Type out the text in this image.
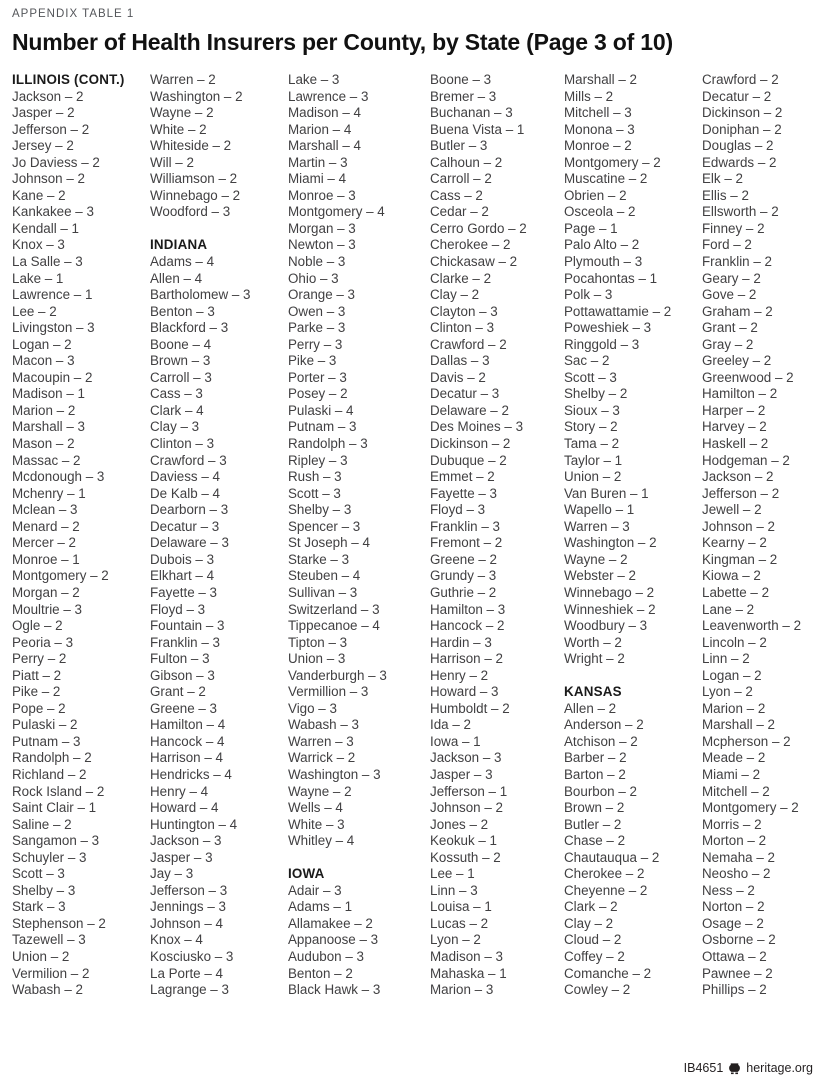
APPENDIX TABLE 1
Number of Health Insurers per County, by State (Page 3 of 10)
ILLINOIS (CONT.)
Jackson – 2
Jasper – 2
Jefferson – 2
Jersey – 2
Jo Daviess – 2
Johnson – 2
Kane – 2
Kankakee – 3
Kendall – 1
Knox – 3
La Salle – 3
Lake – 1
Lawrence – 1
Lee – 2
Livingston – 3
Logan – 2
Macon – 3
Macoupin – 2
Madison – 1
Marion – 2
Marshall – 3
Mason – 2
Massac – 2
Mcdonough – 3
Mchenry – 1
Mclean – 3
Menard – 2
Mercer – 2
Monroe – 1
Montgomery – 2
Morgan – 2
Moultrie – 3
Ogle – 2
Peoria – 3
Perry – 2
Piatt – 2
Pike – 2
Pope – 2
Pulaski – 2
Putnam – 3
Randolph – 2
Richland – 2
Rock Island – 2
Saint Clair – 1
Saline – 2
Sangamon – 3
Schuyler – 3
Scott – 3
Shelby – 3
Stark – 3
Stephenson – 2
Tazewell – 3
Union – 2
Vermilion – 2
Wabash – 2
Warren – 2
Washington – 2
Wayne – 2
White – 2
Whiteside – 2
Will – 2
Williamson – 2
Winnebago – 2
Woodford – 3
INDIANA
Adams – 4
Allen – 4
Bartholomew – 3
Benton – 3
Blackford – 3
Boone – 4
Brown – 3
Carroll – 3
Cass – 3
Clark – 4
Clay – 3
Clinton – 3
Crawford – 3
Daviess – 4
De Kalb – 4
Dearborn – 3
Decatur – 3
Delaware – 3
Dubois – 3
Elkhart – 4
Fayette – 3
Floyd – 3
Fountain – 3
Franklin – 3
Fulton – 3
Gibson – 3
Grant – 2
Greene – 3
Hamilton – 4
Hancock – 4
Harrison – 4
Hendricks – 4
Henry – 4
Howard – 4
Huntington – 4
Jackson – 3
Jasper – 3
Jay – 3
Jefferson – 3
Jennings – 3
Johnson – 4
Knox – 4
Kosciusko – 3
La Porte – 4
Lagrange – 3
Lake – 3
Lawrence – 3
Madison – 4
Marion – 4
Marshall – 4
Martin – 3
Miami – 4
Monroe – 3
Montgomery – 4
Morgan – 3
Newton – 3
Noble – 3
Ohio – 3
Orange – 3
Owen – 3
Parke – 3
Perry – 3
Pike – 3
Porter – 3
Posey – 2
Pulaski – 4
Putnam – 3
Randolph – 3
Ripley – 3
Rush – 3
Scott – 3
Shelby – 3
Spencer – 3
St Joseph – 4
Starke – 3
Steuben – 4
Sullivan – 3
Switzerland – 3
Tippecanoe – 4
Tipton – 3
Union – 3
Vanderburgh – 3
Vermillion – 3
Vigo – 3
Wabash – 3
Warren – 3
Warrick – 2
Washington – 3
Wayne – 2
Wells – 4
White – 3
Whitley – 4
IOWA
Adair – 3
Adams – 1
Allamakee – 2
Appanoose – 3
Audubon – 3
Benton – 2
Black Hawk – 3
Boone – 3
Bremer – 3
Buchanan – 3
Buena Vista – 1
Butler – 3
Calhoun – 2
Carroll – 2
Cass – 2
Cedar – 2
Cerro Gordo – 2
Cherokee – 2
Chickasaw – 2
Clarke – 2
Clay – 2
Clayton – 3
Clinton – 3
Crawford – 2
Dallas – 3
Davis – 2
Decatur – 3
Delaware – 2
Des Moines – 3
Dickinson – 2
Dubuque – 2
Emmet – 2
Fayette – 3
Floyd – 3
Franklin – 3
Fremont – 2
Greene – 2
Grundy – 3
Guthrie – 2
Hamilton – 3
Hancock – 2
Hardin – 3
Harrison – 2
Henry – 2
Howard – 3
Humboldt – 2
Ida – 2
Iowa – 1
Jackson – 3
Jasper – 3
Jefferson – 1
Johnson – 2
Jones – 2
Keokuk – 1
Kossuth – 2
Lee – 1
Linn – 3
Louisa – 1
Lucas – 2
Lyon – 2
Madison – 3
Mahaska – 1
Marion – 3
Marshall – 2
Mills – 2
Mitchell – 3
Monona – 3
Monroe – 2
Montgomery – 2
Muscatine – 2
Obrien – 2
Osceola – 2
Page – 1
Palo Alto – 2
Plymouth – 3
Pocahontas – 1
Polk – 3
Pottawattamie – 2
Poweshiek – 3
Ringgold – 3
Sac – 2
Scott – 3
Shelby – 2
Sioux – 3
Story – 2
Tama – 2
Taylor – 1
Union – 2
Van Buren – 1
Wapello – 1
Warren – 3
Washington – 2
Wayne – 2
Webster – 2
Winnebago – 2
Winneshiek – 2
Woodbury – 3
Worth – 2
Wright – 2
KANSAS
Allen – 2
Anderson – 2
Atchison – 2
Barber – 2
Barton – 2
Bourbon – 2
Brown – 2
Butler – 2
Chase – 2
Chautauqua – 2
Cherokee – 2
Cheyenne – 2
Clark – 2
Clay – 2
Cloud – 2
Coffey – 2
Comanche – 2
Cowley – 2
Crawford – 2
Decatur – 2
Dickinson – 2
Doniphan – 2
Douglas – 2
Edwards – 2
Elk – 2
Ellis – 2
Ellsworth – 2
Finney – 2
Ford – 2
Franklin – 2
Geary – 2
Gove – 2
Graham – 2
Grant – 2
Gray – 2
Greeley – 2
Greenwood – 2
Hamilton – 2
Harper – 2
Harvey – 2
Haskell – 2
Hodgeman – 2
Jackson – 2
Jefferson – 2
Jewell – 2
Johnson – 2
Kearny – 2
Kingman – 2
Kiowa – 2
Labette – 2
Lane – 2
Leavenworth – 2
Lincoln – 2
Linn – 2
Logan – 2
Lyon – 2
Marion – 2
Marshall – 2
Mcpherson – 2
Meade – 2
Miami – 2
Mitchell – 2
Montgomery – 2
Morris – 2
Morton – 2
Nemaha – 2
Neosho – 2
Ness – 2
Norton – 2
Osage – 2
Osborne – 2
Ottawa – 2
Pawnee – 2
Phillips – 2
IB4651 heritage.org
